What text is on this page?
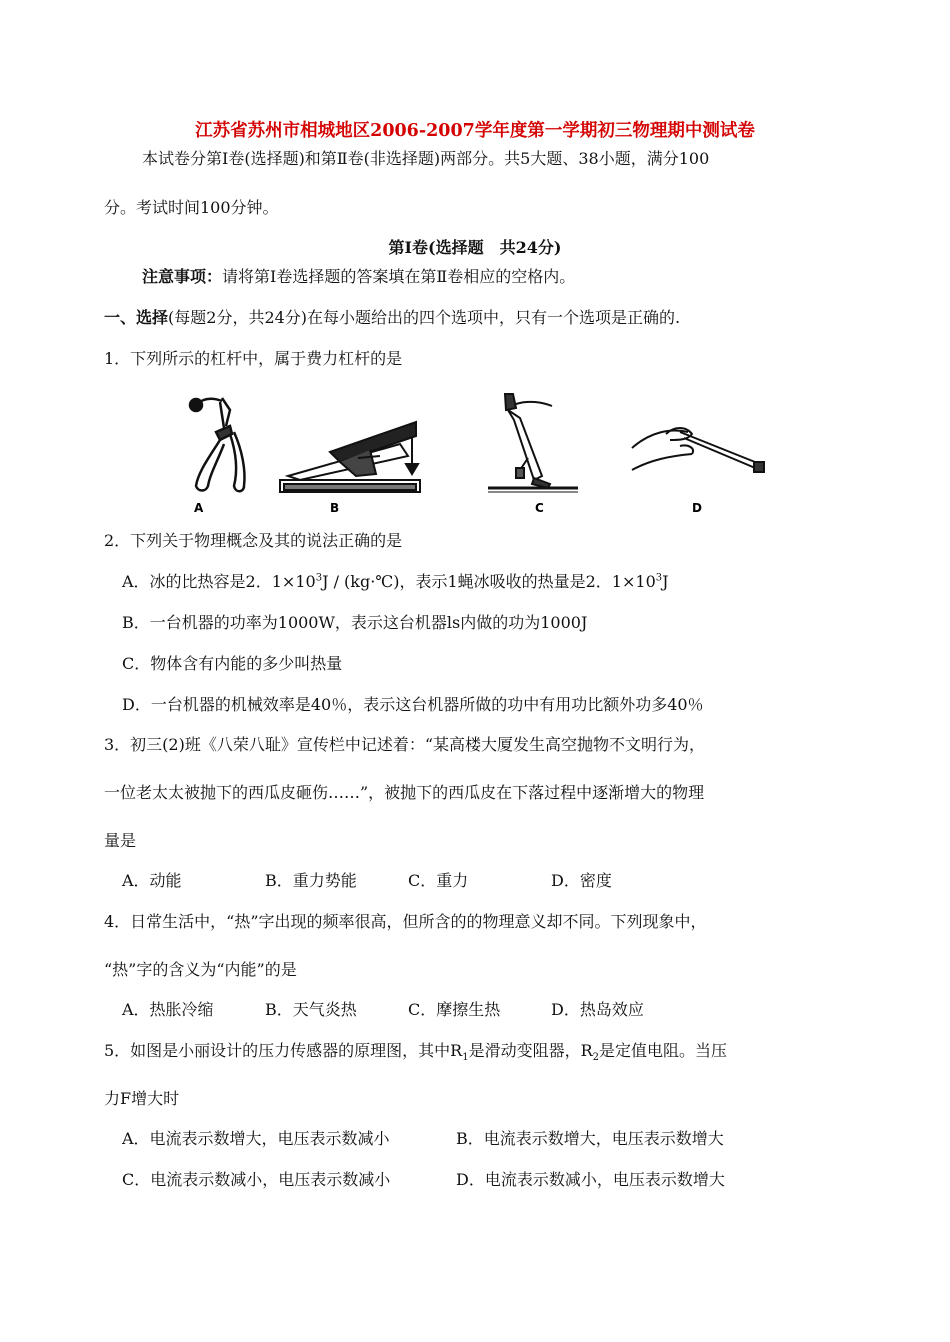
江苏省苏州市相城地区2006-2007学年度第一学期初三物理期中测试卷
本试卷分第Ⅰ卷(选择题)和第Ⅱ卷(非选择题)两部分。共5大题、38小题，满分100
分。考试时间100分钟。
第Ⅰ卷(选择题　共24分)
注意事项：请将第Ⅰ卷选择题的答案填在第Ⅱ卷相应的空格内。
一、选择(每题2分，共24分)在每小题给出的四个选项中，只有一个选项是正确的.
1．下列所示的杠杆中，属于费力杠杆的是
A	B	C	D
2．下列关于物理概念及其的说法正确的是
A．冰的比热容是2．$1\times 10^3J$ / (kg·℃)，表示1蝇冰吸收的热量是2．$1\times 10^3J$
B．一台机器的功率为1000W，表示这台机器ls内做的功为1000J
C．物体含有内能的多少叫热量
D．一台机器的机械效率是40％，表示这台机器所做的功中有用功比额外功多40％
3．初三(2)班《八荣八耻》宣传栏中记述着：“某高楼大厦发生高空抛物不文明行为，
一位老太太被抛下的西瓜皮砸伤……”，被抛下的西瓜皮在下落过程中逐渐增大的物理
量是
A．动能	B．重力势能	C．重力	D．密度
4．日常生活中，“热”字出现的频率很高，但所含的的物理意义却不同。下列现象中，
“热”字的含义为“内能”的是
A．热胀冷缩	B．天气炎热	C．摩擦生热	D．热岛效应
5．如图是小丽设计的压力传感器的原理图，其中$R_1$是滑动变阻器，$R_2$是定值电阻。当压
力F增大时
A．电流表示数增大，电压表示数减小	B．电流表示数增大，电压表示数增大
C．电流表示数减小，电压表示数减小	D．电流表示数减小，电压表示数增大
